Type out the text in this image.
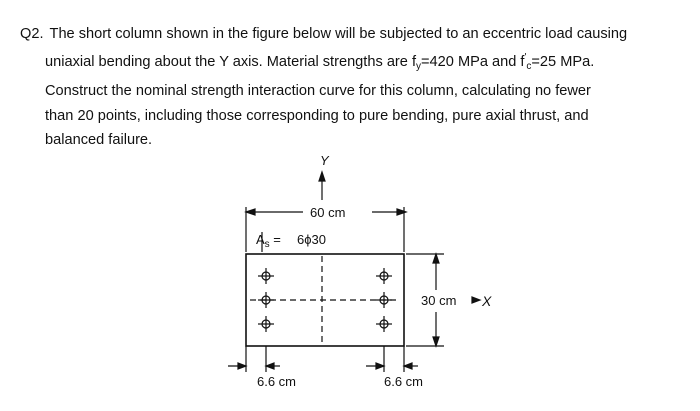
Q2. The short column shown in the figure below will be subjected to an eccentric load causing
uniaxial bending about the Y axis. Material strengths are $f_y=420$ MPa and $f'_c=25$ MPa.
Construct the nominal strength interaction curve for this column, calculating no fewer
than 20 points, including those corresponding to pure bending, pure axial thrust, and
balanced failure.
Y
X
60 cm
$A_s = 6\phi 30$
30 cm
6.6 cm	6.6 cm
